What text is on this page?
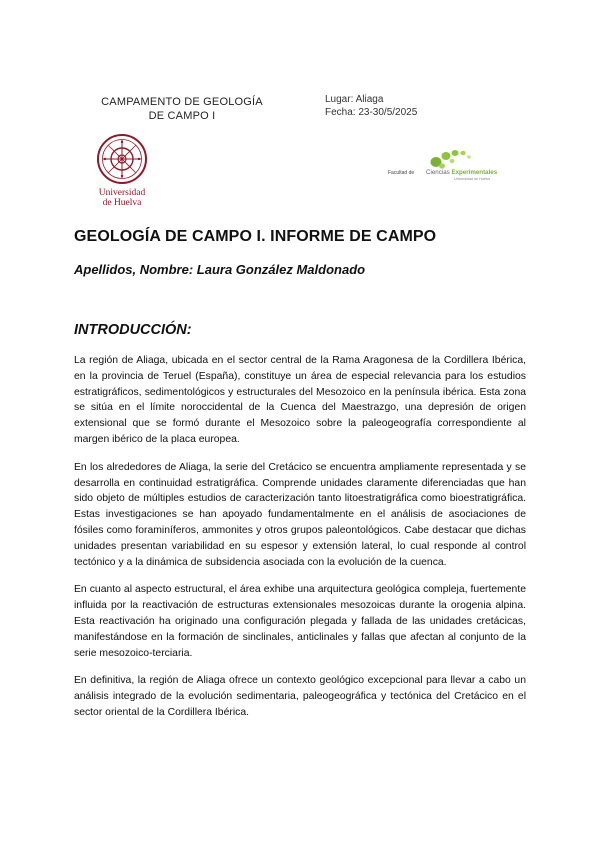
CAMPAMENTO DE GEOLOGÍA
DE CAMPO I
Lugar: Aliaga
Fecha: 23-30/5/2025
Universidad
de Huelva
Facultad de Ciencias Experimentales
Universidad de Huelva
GEOLOGÍA DE CAMPO I. INFORME DE CAMPO
Apellidos, Nombre: Laura González Maldonado
INTRODUCCIÓN:

La región de Aliaga, ubicada en el sector central de la Rama Aragonesa de la Cordillera Ibérica, en la provincia de Teruel (España), constituye un área de especial relevancia para los estudios estratigráficos, sedimentológicos y estructurales del Mesozoico en la península ibérica. Esta zona se sitúa en el límite noroccidental de la Cuenca del Maestrazgo, una depresión de origen extensional que se formó durante el Mesozoico sobre la paleogeografía correspondiente al margen ibérico de la placa europea.

En los alrededores de Aliaga, la serie del Cretácico se encuentra ampliamente representada y se desarrolla en continuidad estratigráfica. Comprende unidades claramente diferenciadas que han sido objeto de múltiples estudios de caracterización tanto litoestratigráfica como bioestratigráfica. Estas investigaciones se han apoyado fundamentalmente en el análisis de asociaciones de fósiles como foraminíferos, ammonites y otros grupos paleontológicos. Cabe destacar que dichas unidades presentan variabilidad en su espesor y extensión lateral, lo cual responde al control tectónico y a la dinámica de subsidencia asociada con la evolución de la cuenca.

En cuanto al aspecto estructural, el área exhibe una arquitectura geológica compleja, fuertemente influida por la reactivación de estructuras extensionales mesozoicas durante la orogenia alpina. Esta reactivación ha originado una configuración plegada y fallada de las unidades cretácicas, manifestándose en la formación de sinclinales, anticlinales y fallas que afectan al conjunto de la serie mesozoico-terciaria.

En definitiva, la región de Aliaga ofrece un contexto geológico excepcional para llevar a cabo un análisis integrado de la evolución sedimentaria, paleogeográfica y tectónica del Cretácico en el sector oriental de la Cordillera Ibérica.
